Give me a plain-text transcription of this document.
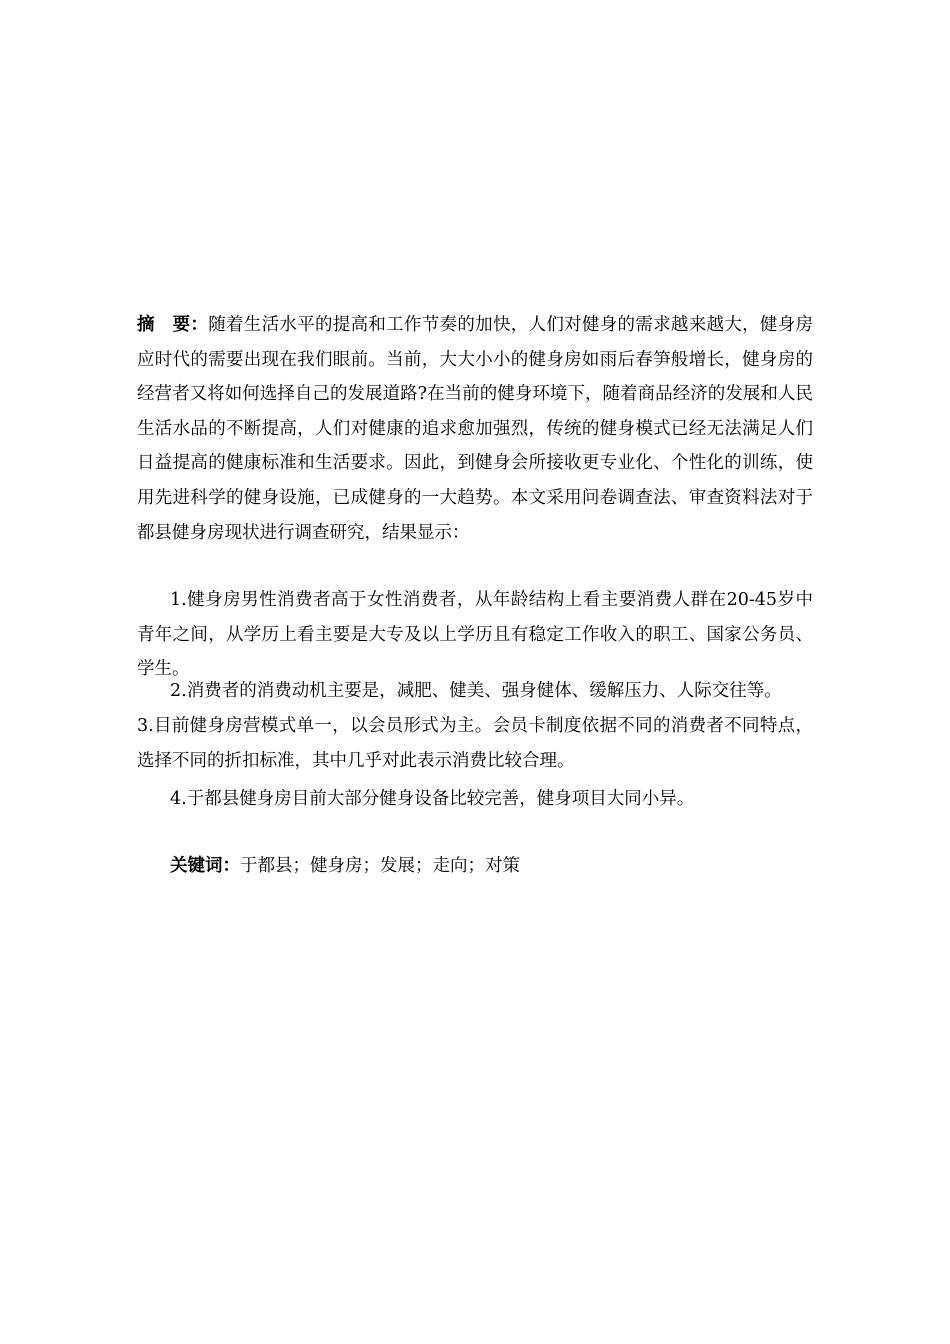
摘　要：随着生活水平的提高和工作节奏的加快，人们对健身的需求越来越大，健身房应时代的需要出现在我们眼前。当前，大大小小的健身房如雨后春笋般增长，健身房的经营者又将如何选择自己的发展道路?在当前的健身环境下，随着商品经济的发展和人民生活水品的不断提高，人们对健康的追求愈加强烈，传统的健身模式已经无法满足人们日益提高的健康标准和生活要求。因此，到健身会所接收更专业化、个性化的训练，使用先进科学的健身设施，已成健身的一大趋势。本文采用问卷调查法、审查资料法对于都县健身房现状进行调查研究，结果显示：

1.健身房男性消费者高于女性消费者，从年龄结构上看主要消费人群在20-45岁中青年之间，从学历上看主要是大专及以上学历且有稳定工作收入的职工、国家公务员、学生。

2.消费者的消费动机主要是，减肥、健美、强身健体、缓解压力、人际交往等。

3.目前健身房营模式单一，以会员形式为主。会员卡制度依据不同的消费者不同特点，选择不同的折扣标准，其中几乎对此表示消费比较合理。

4.于都县健身房目前大部分健身设备比较完善，健身项目大同小异。

关键词：于都县；健身房；发展；走向；对策
